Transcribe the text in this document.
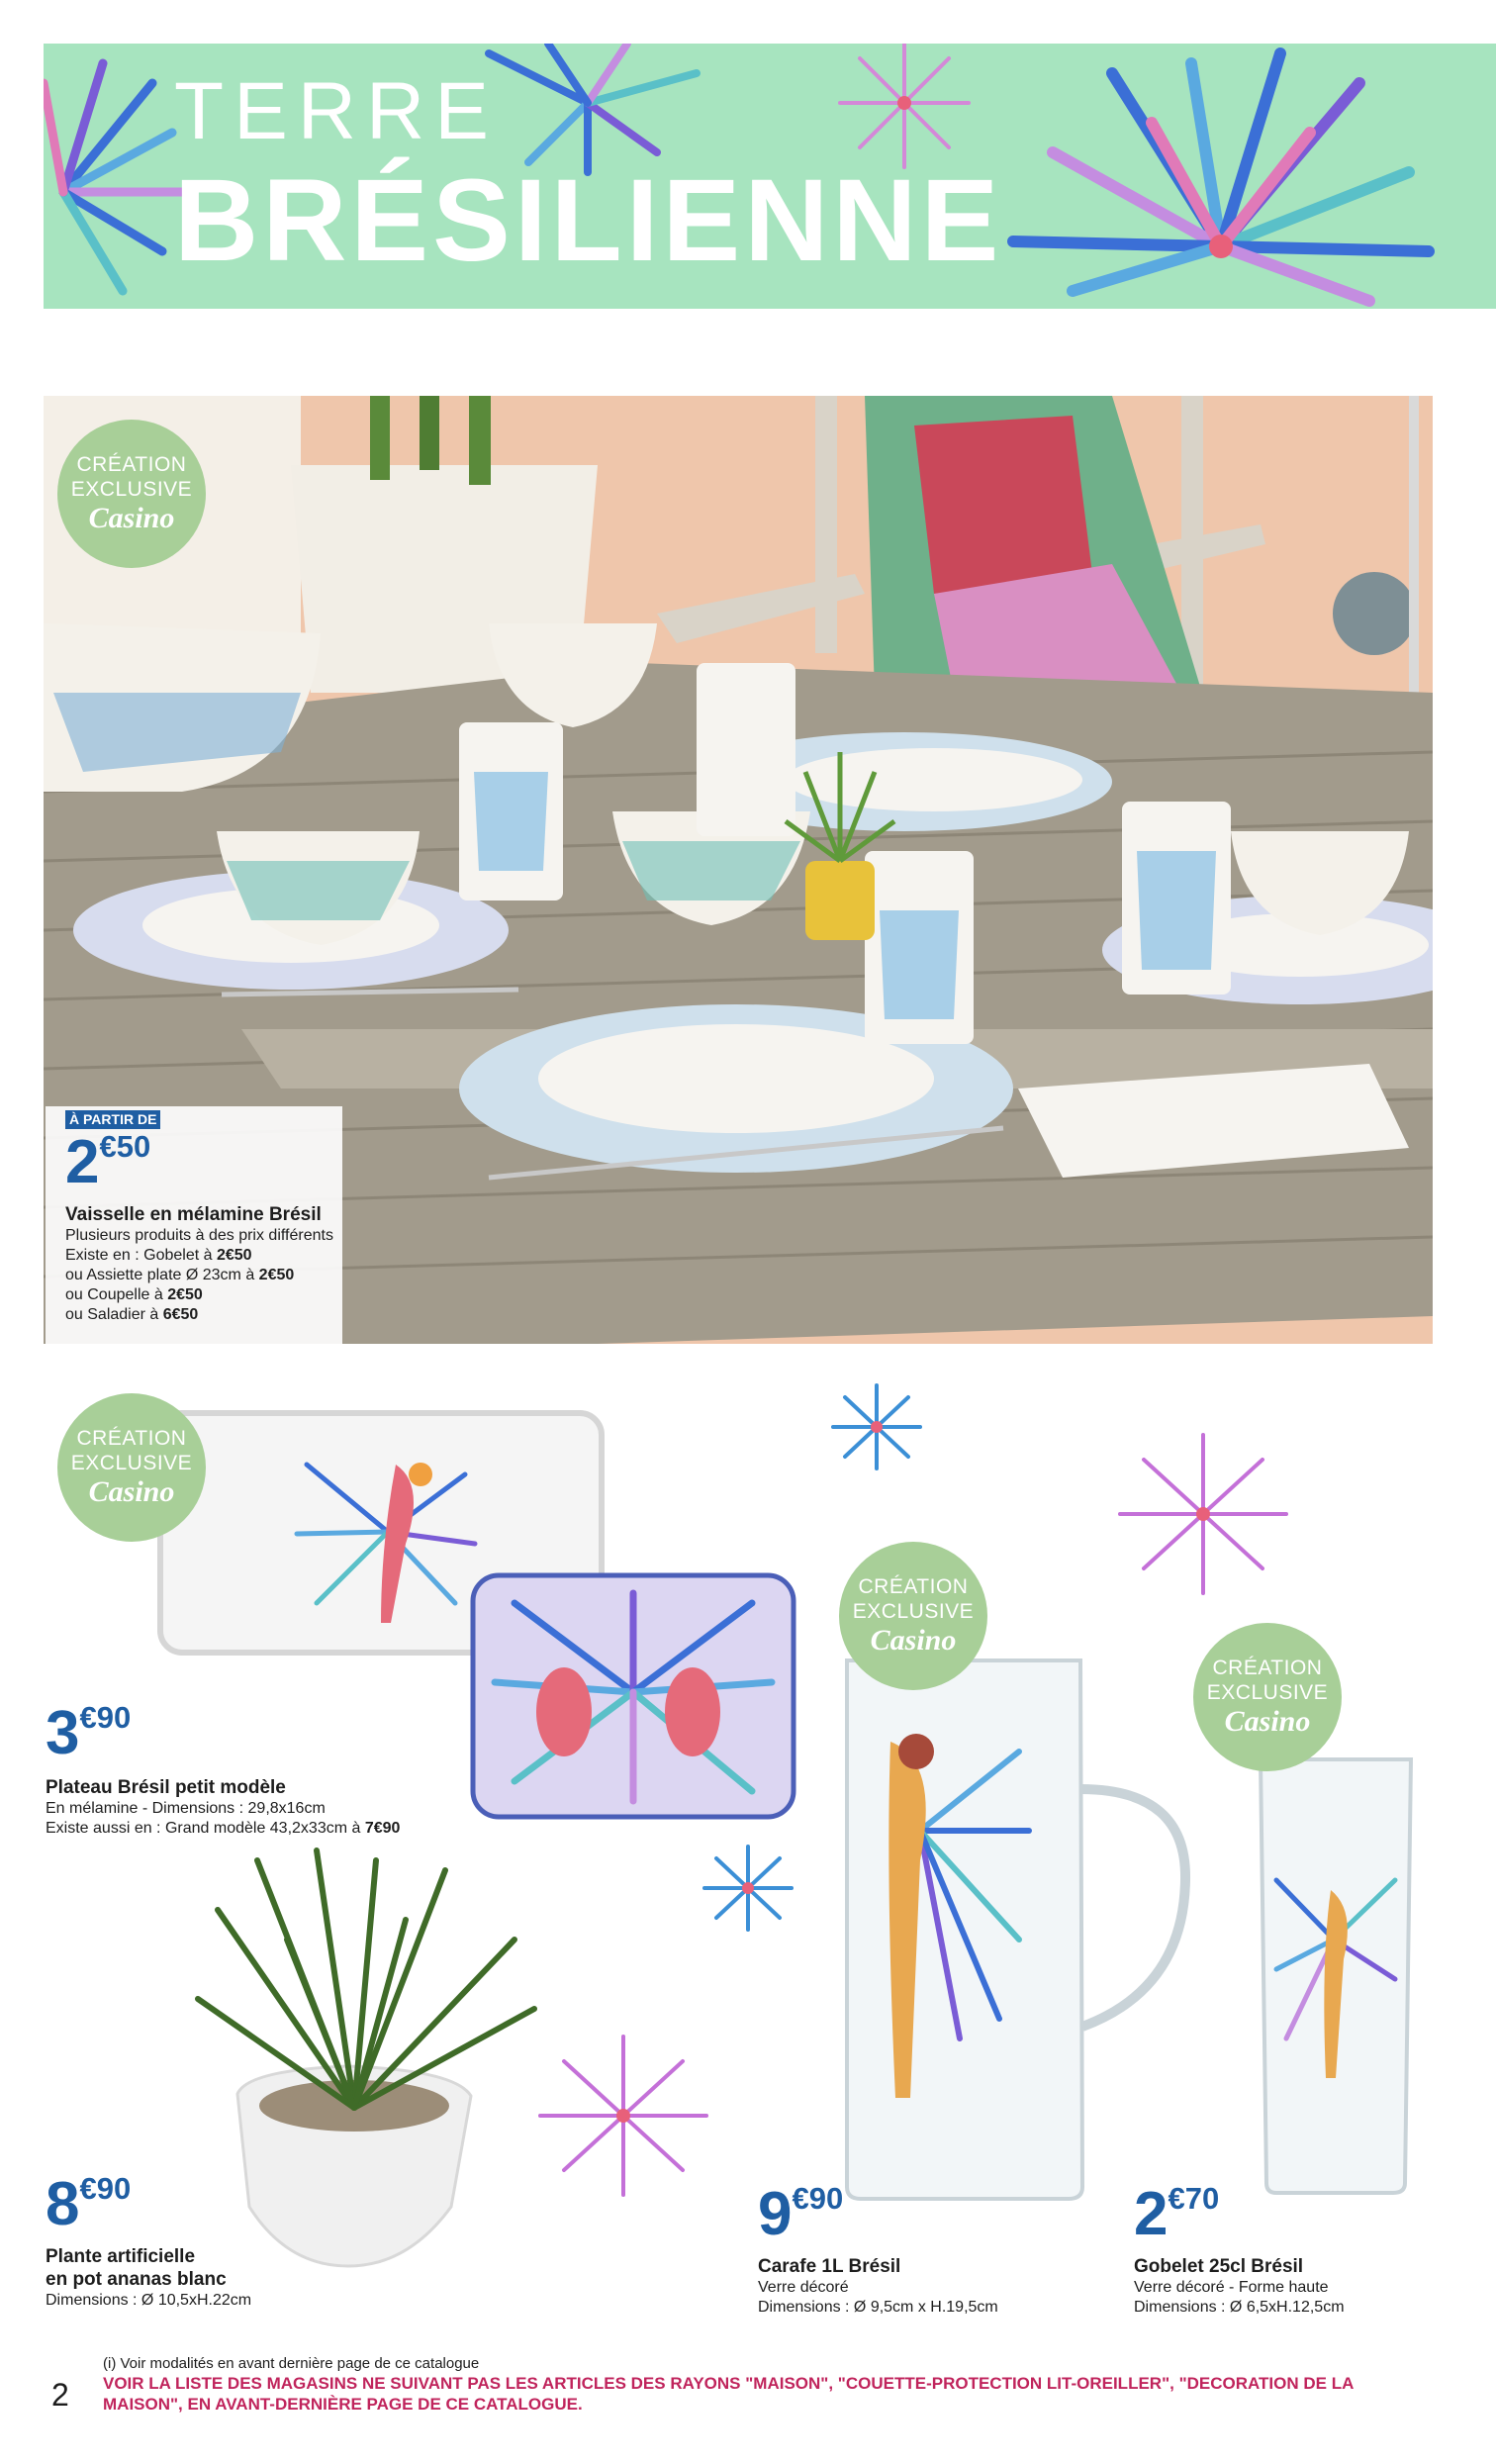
TERRE
BRÉSILIENNE
CRÉATION
EXCLUSIVE
Casino
À PARTIR DE
2€50
Vaisselle en mélamine Brésil
Plusieurs produits à des prix différents
Existe en : Gobelet à 2€50
ou Assiette plate Ø 23cm à 2€50
ou Coupelle à 2€50
ou Saladier à 6€50
CRÉATION
EXCLUSIVE
Casino
CRÉATION
EXCLUSIVE
Casino
CRÉATION
EXCLUSIVE
Casino
3€90
Plateau Brésil petit modèle
En mélamine - Dimensions : 29,8x16cm
Existe aussi en : Grand modèle 43,2x33cm à 7€90
8€90
Plante artificielle
en pot ananas blanc
Dimensions : Ø 10,5xH.22cm
9€90
Carafe 1L Brésil
Verre décoré
Dimensions : Ø 9,5cm x H.19,5cm
2€70
Gobelet 25cl Brésil
Verre décoré - Forme haute
Dimensions : Ø 6,5xH.12,5cm
2
(i) Voir modalités en avant dernière page de ce catalogue
VOIR LA LISTE DES MAGASINS NE SUIVANT PAS LES ARTICLES DES RAYONS "MAISON", "COUETTE-PROTECTION LIT-OREILLER", "DECORATION DE LA MAISON", EN AVANT-DERNIÈRE PAGE DE CE CATALOGUE.
